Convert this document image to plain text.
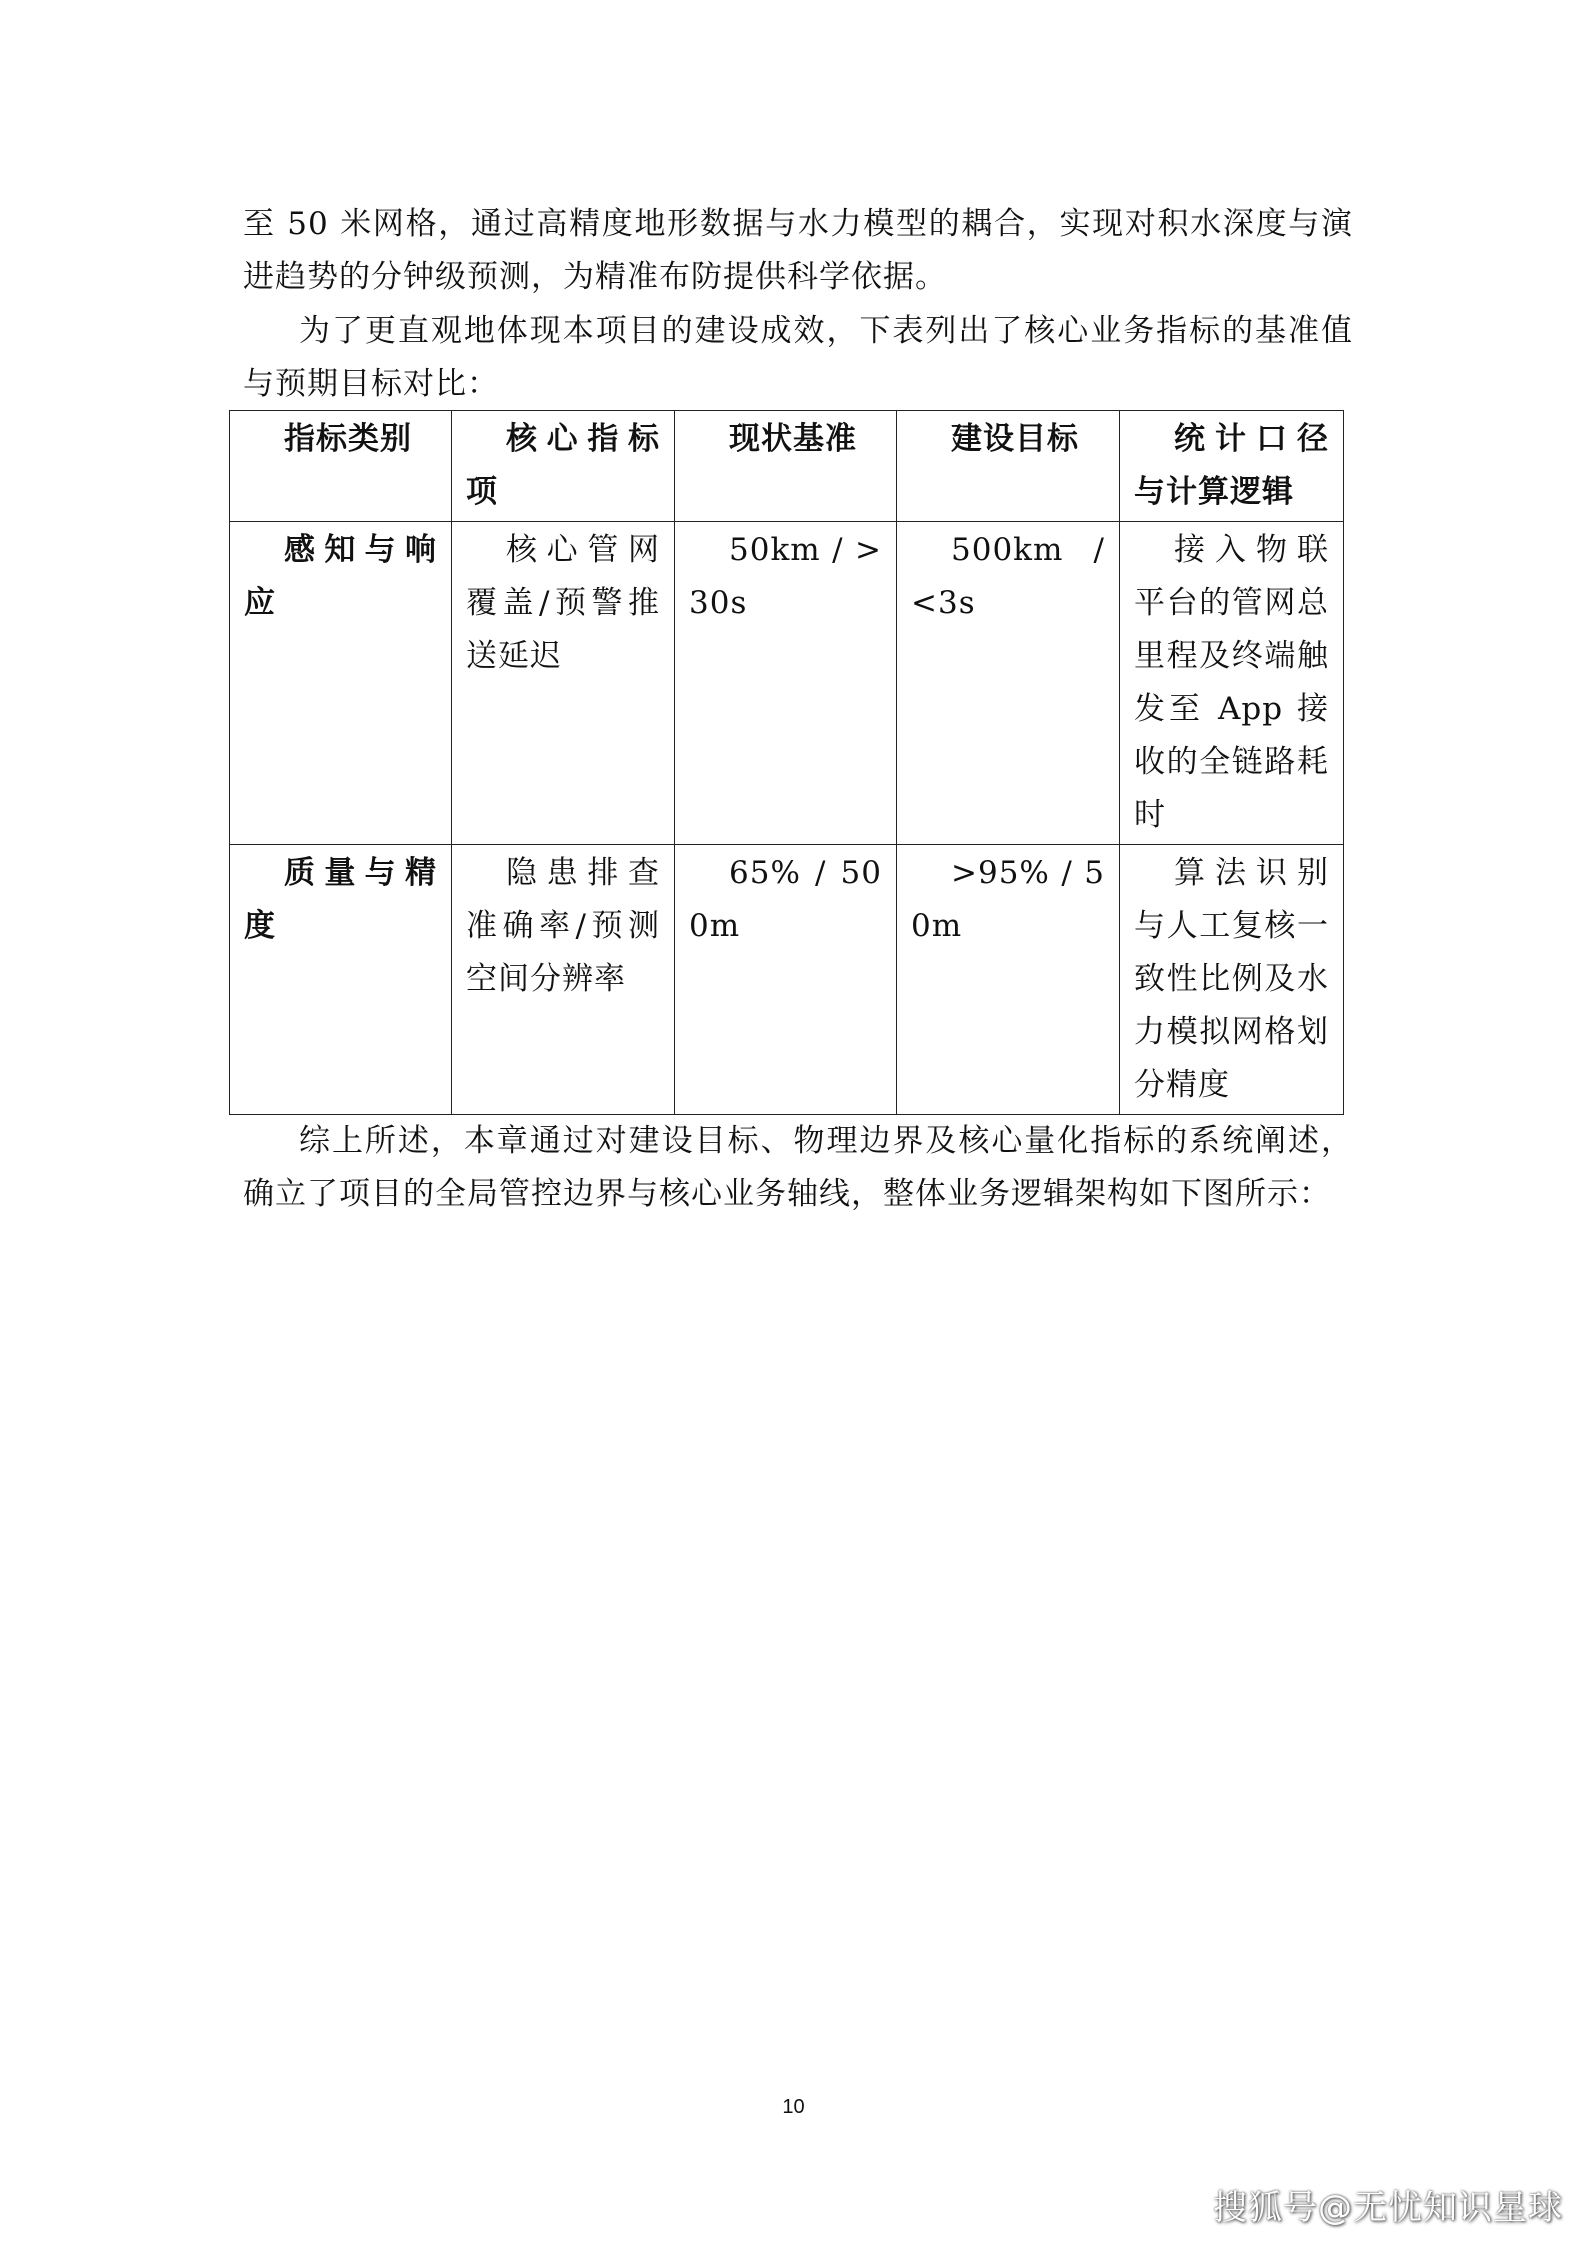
至 50 米网格，通过高精度地形数据与水力模型的耦合，实现对积水深度与演进趋势的分钟级预测，为精准布防提供科学依据。

为了更直观地体现本项目的建设成效，下表列出了核心业务指标的基准值与预期目标对比：

指标类别	核心指标项	现状基准	建设目标	统计口径与计算逻辑
感知与响应	核心管网覆盖/预警推送延迟	50km / >30s	500km / <3s	接入物联平台的管网总里程及终端触发至 App 接收的全链路耗时
质量与精度	隐患排查准确率/预测空间分辨率	65% / 500m	>95% / 50m	算法识别与人工复核一致性比例及水力模拟网格划分精度

综上所述，本章通过对建设目标、物理边界及核心量化指标的系统阐述，确立了项目的全局管控边界与核心业务轴线，整体业务逻辑架构如下图所示：

10
搜狐号@无忧知识星球
